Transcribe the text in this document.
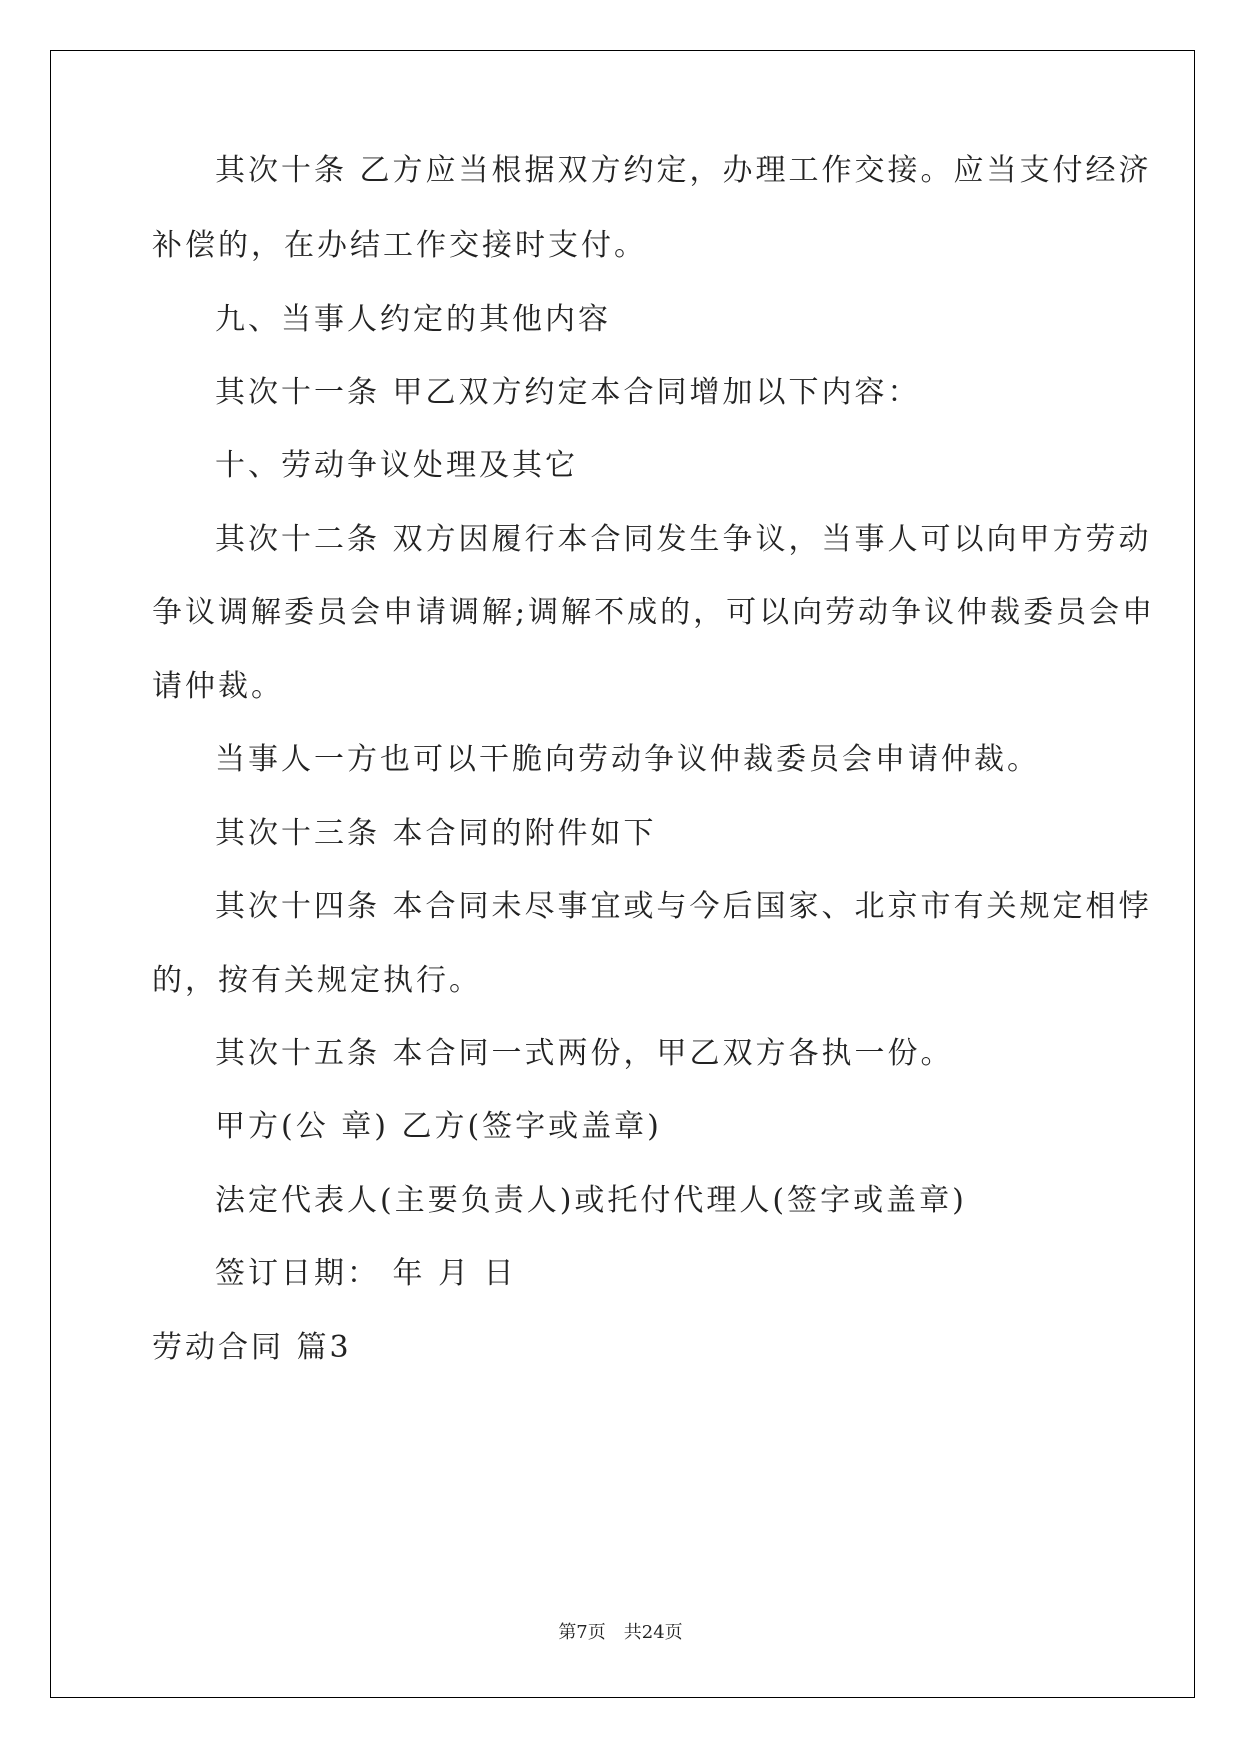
其次十条 乙方应当根据双方约定，办理工作交接。应当支付经济
补偿的，在办结工作交接时支付。
九、当事人约定的其他内容
其次十一条 甲乙双方约定本合同增加以下内容：
十、劳动争议处理及其它
其次十二条 双方因履行本合同发生争议，当事人可以向甲方劳动
争议调解委员会申请调解;调解不成的，可以向劳动争议仲裁委员会申
请仲裁。
当事人一方也可以干脆向劳动争议仲裁委员会申请仲裁。
其次十三条 本合同的附件如下
其次十四条 本合同未尽事宜或与今后国家、北京市有关规定相悖
的，按有关规定执行。
其次十五条 本合同一式两份，甲乙双方各执一份。
甲方(公 章) 乙方(签字或盖章)
法定代表人(主要负责人)或托付代理人(签字或盖章)
签订日期： 年 月 日
劳动合同 篇3
第7页　共24页
